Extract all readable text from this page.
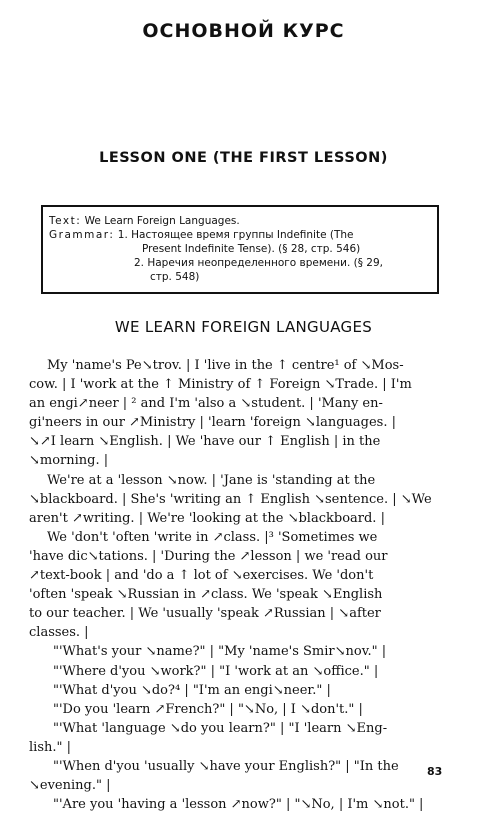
ОСНОВНОЙ КУРС
LESSON ONE (THE FIRST LESSON)
Text: We Learn Foreign Languages.
Grammar: 1. Настоящее время группы Indefinite (The
Present Indefinite Tense). (§ 28, стр. 546)
2. Наречия неопределенного времени. (§ 29,
стр. 548)
WE LEARN FOREIGN LANGUAGES
My 'name's Pe↘trov. | I 'live in the ↑ centre¹ of ↘Mos-
cow. | I 'work at the ↑ Ministry of ↑ Foreign ↘Trade. | I'm
an engi↗neer | ² and I'm 'also a ↘student. | 'Many en-
gi'neers in our ↗Ministry | 'learn 'foreign ↘languages. |
↘↗I learn ↘English. | We 'have our ↑ English | in the
↘morning. |
We're at a 'lesson ↘now. | 'Jane is 'standing at the
↘blackboard. | She's 'writing an ↑ English ↘sentence. | ↘We
aren't ↗writing. | We're 'looking at the ↘blackboard. |
We 'don't 'often 'write in ↗class. |³ 'Sometimes we
'have dic↘tations. | 'During the ↗lesson | we 'read our
↗text-book | and 'do a ↑ lot of ↘exercises. We 'don't
'often 'speak ↘Russian in ↗class. We 'speak ↘English
to our teacher. | We 'usually 'speak ↗Russian | ↘after
classes. |
"'What's your ↘name?" | "My 'name's Smir↘nov." |
"'Where d'you ↘work?" | "I 'work at an ↘office." |
"'What d'you ↘do?⁴ | "I'm an engi↘neer." |
"'Do you 'learn ↗French?" | "↘No, | I ↘don't." |
"'What 'language ↘do you learn?" | "I 'learn ↘Eng-
lish." |
"'When d'you 'usually ↘have your English?" | "In the
↘evening." |
"'Are you 'having a 'lesson ↗now?" | "↘No, | I'm ↘not." |
83
